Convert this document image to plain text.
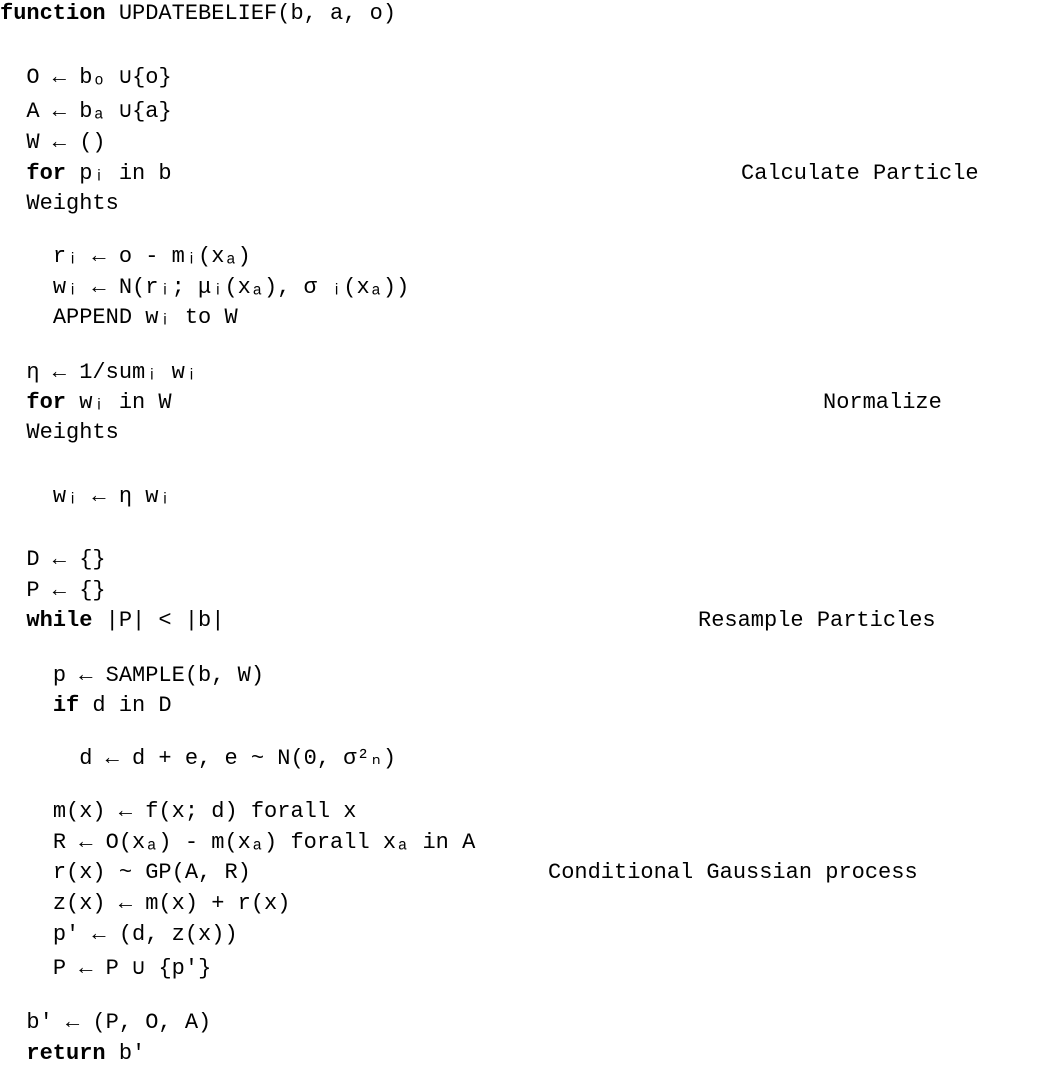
function UPDATEBELIEF(b, a, o)
O ← bₒ ∪{o}
A ← bₐ ∪{a}
W ← ()
for pᵢ in b	Calculate Particle
Weights
rᵢ ← o - mᵢ(xₐ)
wᵢ ← N(rᵢ; μᵢ(xₐ), σ ᵢ(xₐ))
APPEND wᵢ to W
η ← 1/sumᵢ wᵢ
for wᵢ in W	Normalize
Weights
wᵢ ← η wᵢ
D ← {}
P ← {}
while |P| < |b|	Resample Particles
p ← SAMPLE(b, W)
if d in D
d ← d + e, e ~ N(0, σ²ₙ)
m(x) ← f(x; d) forall x
R ← O(xₐ) - m(xₐ) forall xₐ in A
r(x) ~ GP(A, R)	Conditional Gaussian process
z(x) ← m(x) + r(x)
p′ ← (d, z(x))
P ← P ∪ {p′}
b′ ← (P, O, A)
return b′
